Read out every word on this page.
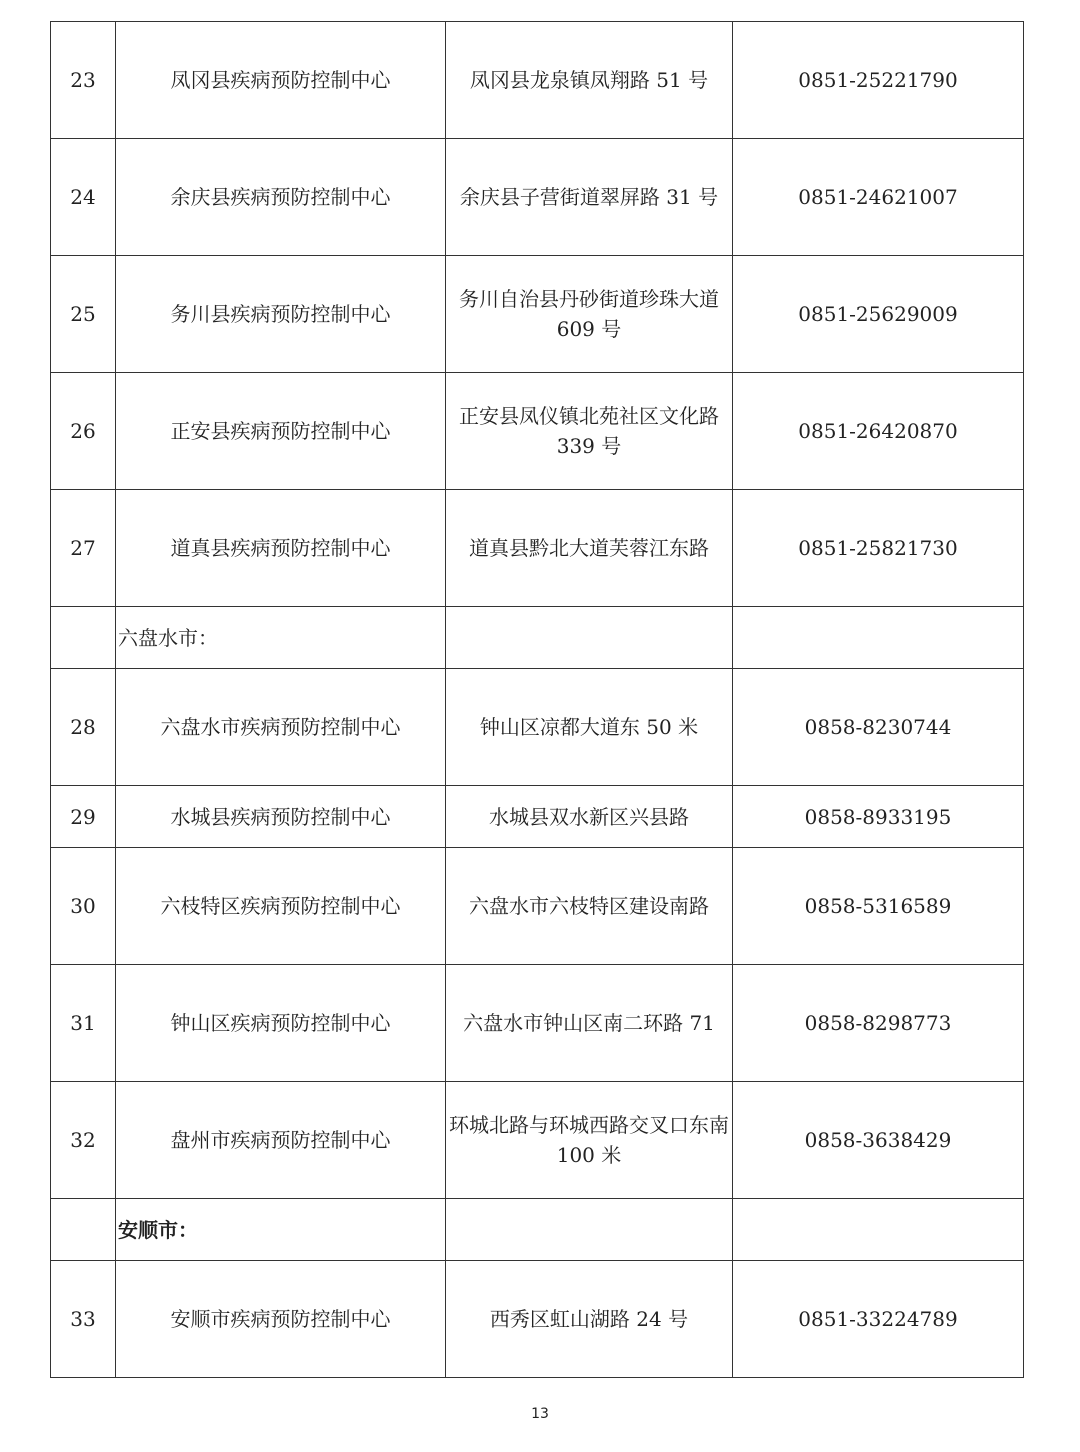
23	凤冈县疾病预防控制中心	凤冈县龙泉镇凤翔路 51 号	0851-25221790
24	余庆县疾病预防控制中心	余庆县子营街道翠屏路 31 号	0851-24621007
25	务川县疾病预防控制中心	务川自治县丹砂街道珍珠大道 609 号	0851-25629009
26	正安县疾病预防控制中心	正安县凤仪镇北苑社区文化路 339 号	0851-26420870
27	道真县疾病预防控制中心	道真县黔北大道芙蓉江东路	0851-25821730
	六盘水市：		
28	六盘水市疾病预防控制中心	钟山区凉都大道东 50 米	0858-8230744
29	水城县疾病预防控制中心	水城县双水新区兴县路	0858-8933195
30	六枝特区疾病预防控制中心	六盘水市六枝特区建设南路	0858-5316589
31	钟山区疾病预防控制中心	六盘水市钟山区南二环路 71	0858-8298773
32	盘州市疾病预防控制中心	环城北路与环城西路交叉口东南 100 米	0858-3638429
	安顺市：		
33	安顺市疾病预防控制中心	西秀区虹山湖路 24 号	0851-33224789
13
